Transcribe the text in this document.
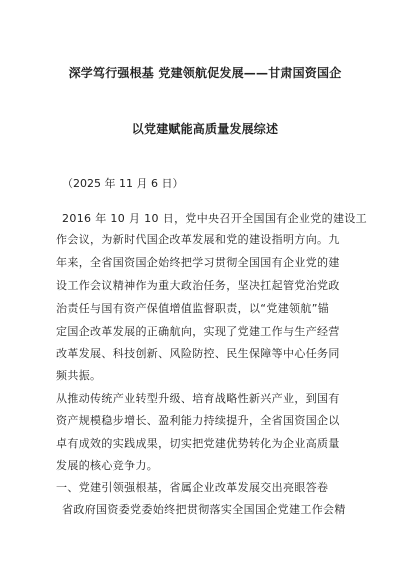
深学笃行强根基 党建领航促发展——甘肃国资国企
以党建赋能高质量发展综述
（2025 年 11 月 6 日）
2016 年 10 月 10 日，党中央召开全国国有企业党的建设工
作会议，为新时代国企改革发展和党的建设指明方向。九
年来，全省国资国企始终把学习贯彻全国国有企业党的建
设工作会议精神作为重大政治任务，坚决扛起管党治党政
治责任与国有资产保值增值监督职责，以“党建领航”锚
定国企改革发展的正确航向，实现了党建工作与生产经营
改革发展、科技创新、风险防控、民生保障等中心任务同
频共振。
从推动传统产业转型升级、培育战略性新兴产业，到国有
资产规模稳步增长、盈利能力持续提升，全省国资国企以
卓有成效的实践成果，切实把党建优势转化为企业高质量
发展的核心竞争力。
一、党建引领强根基，省属企业改革发展交出亮眼答卷
省政府国资委党委始终把贯彻落实全国国企党建工作会精
